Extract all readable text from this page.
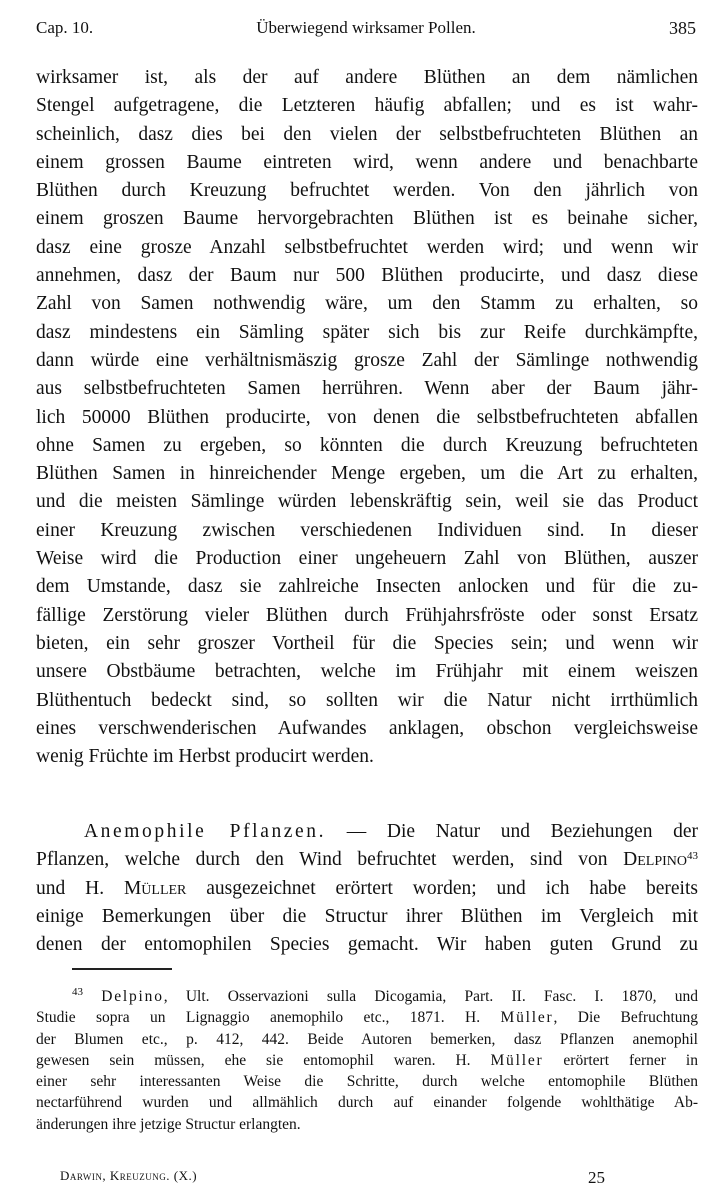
Cap. 10.	Überwiegend wirksamer Pollen.	385
wirksamer ist, als der auf andere Blüthen an dem nämlichen
Stengel aufgetragene, die Letzteren häufig abfallen; und es ist wahr-
scheinlich, dasz dies bei den vielen der selbstbefruchteten Blüthen an
einem grossen Baume eintreten wird, wenn andere und benachbarte
Blüthen durch Kreuzung befruchtet werden. Von den jährlich von
einem groszen Baume hervorgebrachten Blüthen ist es beinahe sicher,
dasz eine grosze Anzahl selbstbefruchtet werden wird; und wenn wir
annehmen, dasz der Baum nur 500 Blüthen producirte, und dasz diese
Zahl von Samen nothwendig wäre, um den Stamm zu erhalten, so
dasz mindestens ein Sämling später sich bis zur Reife durchkämpfte,
dann würde eine verhältnismäszig grosze Zahl der Sämlinge nothwendig
aus selbstbefruchteten Samen herrühren. Wenn aber der Baum jähr-
lich 50000 Blüthen producirte, von denen die selbstbefruchteten abfallen
ohne Samen zu ergeben, so könnten die durch Kreuzung befruchteten
Blüthen Samen in hinreichender Menge ergeben, um die Art zu erhalten,
und die meisten Sämlinge würden lebenskräftig sein, weil sie das Product
einer Kreuzung zwischen verschiedenen Individuen sind. In dieser
Weise wird die Production einer ungeheuern Zahl von Blüthen, auszer
dem Umstande, dasz sie zahlreiche Insecten anlocken und für die zu-
fällige Zerstörung vieler Blüthen durch Frühjahrsfröste oder sonst Ersatz
bieten, ein sehr groszer Vortheil für die Species sein; und wenn wir
unsere Obstbäume betrachten, welche im Frühjahr mit einem weiszen
Blüthentuch bedeckt sind, so sollten wir die Natur nicht irrthümlich
eines verschwenderischen Aufwandes anklagen, obschon vergleichsweise
wenig Früchte im Herbst producirt werden.
Anemophile Pflanzen. — Die Natur und Beziehungen der
Pflanzen, welche durch den Wind befruchtet werden, sind von Delpino$^{43}$
und H. Müller ausgezeichnet erörtert worden; und ich habe bereits
einige Bemerkungen über die Structur ihrer Blüthen im Vergleich mit
denen der entomophilen Species gemacht. Wir haben guten Grund zu
$^{43}$ Delpino, Ult. Osservazioni sulla Dicogamia, Part. II. Fasc. I. 1870, und
Studie sopra un Lignaggio anemophilo etc., 1871. H. Müller, Die Befruchtung
der Blumen etc., p. 412, 442. Beide Autoren bemerken, dasz Pflanzen anemophil
gewesen sein müssen, ehe sie entomophil waren. H. Müller erörtert ferner in
einer sehr interessanten Weise die Schritte, durch welche entomophile Blüthen
nectarführend wurden und allmählich durch auf einander folgende wohlthätige Ab-
änderungen ihre jetzige Structur erlangten.
Darwin, Kreuzung. (X.)	25
